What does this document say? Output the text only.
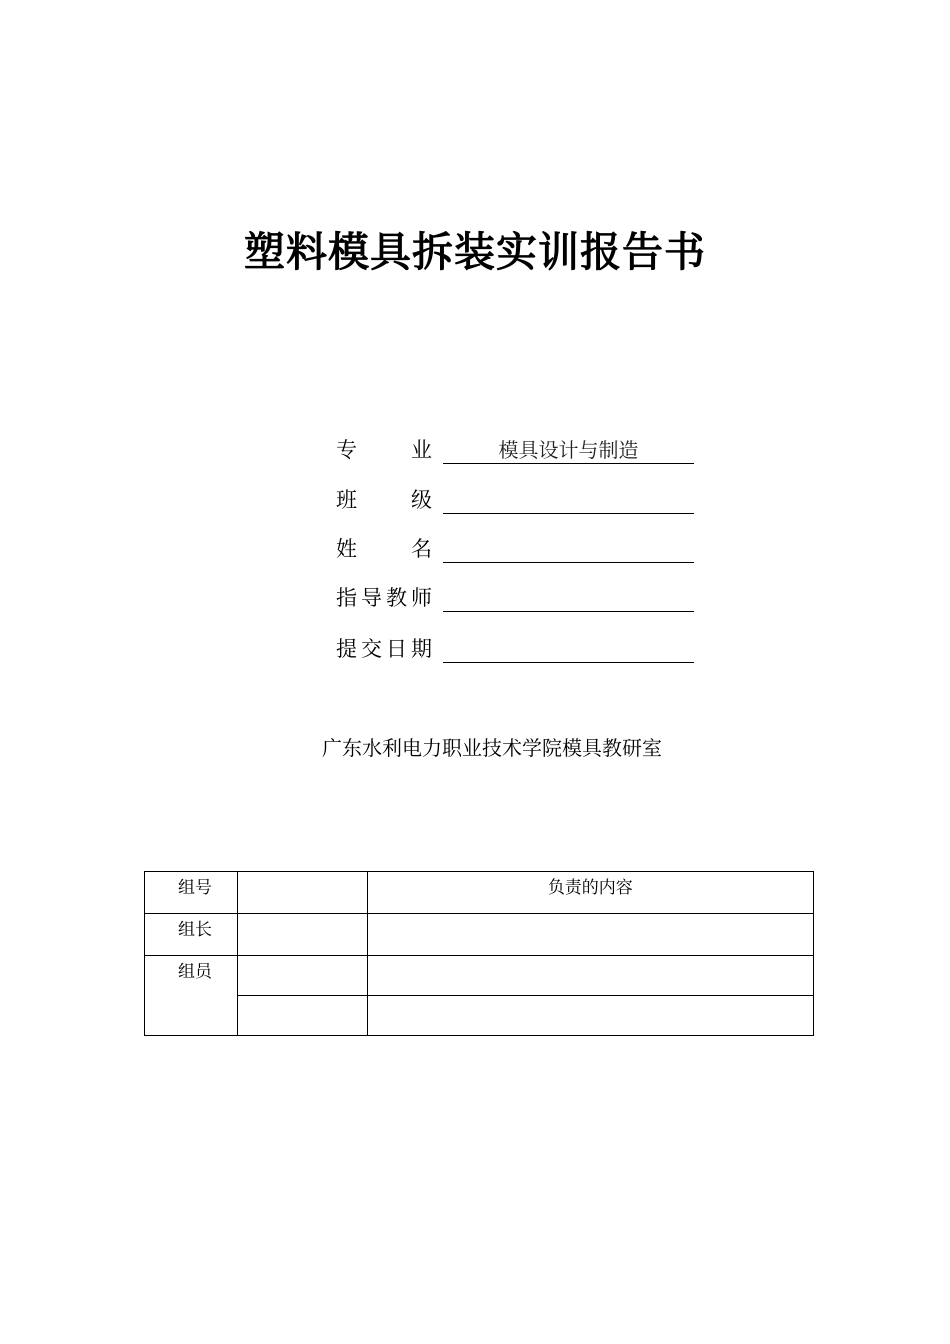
塑料模具拆装实训报告书
专业	模具设计与制造
班级
姓名
指导教师
提交日期
广东水利电力职业技术学院模具教研室
组号		负责的内容
组长		
组员		
